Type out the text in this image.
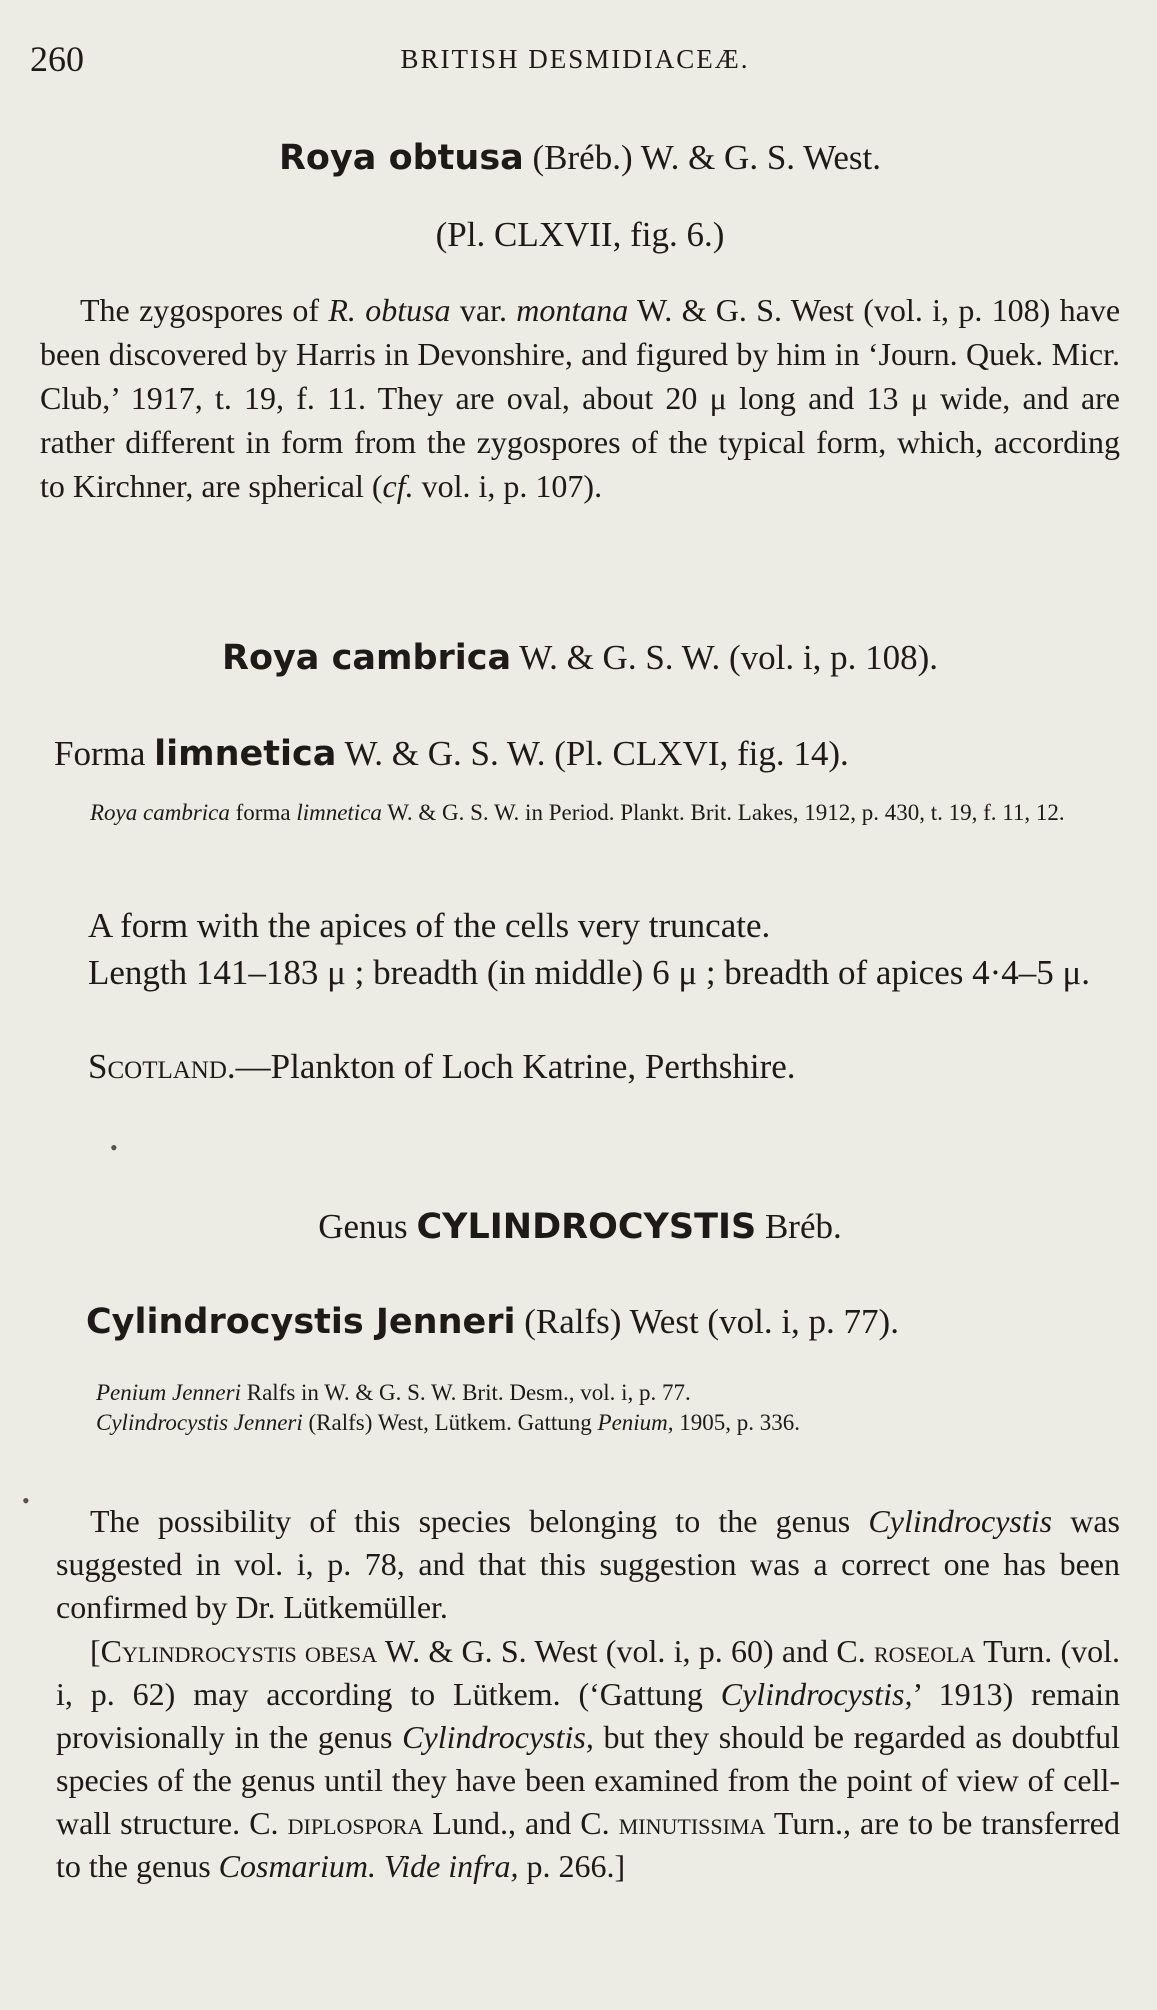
260	BRITISH DESMIDIACEÆ.
Roya obtusa (Bréb.) W. & G. S. West.
(Pl. CLXVII, fig. 6.)
The zygospores of R. obtusa var. montana W. & G. S. West (vol. i, p. 108) have been discovered by Harris in Devonshire, and figured by him in ‘Journ. Quek. Micr. Club,’ 1917, t. 19, f. 11. They are oval, about 20 μ long and 13 μ wide, and are rather different in form from the zygospores of the typical form, which, according to Kirchner, are spherical (cf. vol. i, p. 107).
Roya cambrica W. & G. S. W. (vol. i, p. 108).
Forma limnetica W. & G. S. W. (Pl. CLXVI, fig. 14).
Roya cambrica forma limnetica W. & G. S. W. in Period. Plankt. Brit. Lakes, 1912, p. 430, t. 19, f. 11, 12.
A form with the apices of the cells very truncate.
Length 141–183 μ ; breadth (in middle) 6 μ ; breadth of apices 4·4–5 μ.
Scotland.—Plankton of Loch Katrine, Perthshire.
•
Genus CYLINDROCYSTIS Bréb.
Cylindrocystis Jenneri (Ralfs) West (vol. i, p. 77).
Penium Jenneri Ralfs in W. & G. S. W. Brit. Desm., vol. i, p. 77.
Cylindrocystis Jenneri (Ralfs) West, Lütkem. Gattung Penium, 1905, p. 336.
•
The possibility of this species belonging to the genus Cylindrocystis was suggested in vol. i, p. 78, and that this suggestion was a correct one has been confirmed by Dr. Lütkemüller.
[Cylindrocystis obesa W. & G. S. West (vol. i, p. 60) and C. roseola Turn. (vol. i, p. 62) may according to Lütkem. (‘Gattung Cylindrocystis,’ 1913) remain provisionally in the genus Cylindrocystis, but they should be regarded as doubtful species of the genus until they have been examined from the point of view of cell-wall structure. C. diplospora Lund., and C. minutissima Turn., are to be transferred to the genus Cosmarium. Vide infra, p. 266.]
